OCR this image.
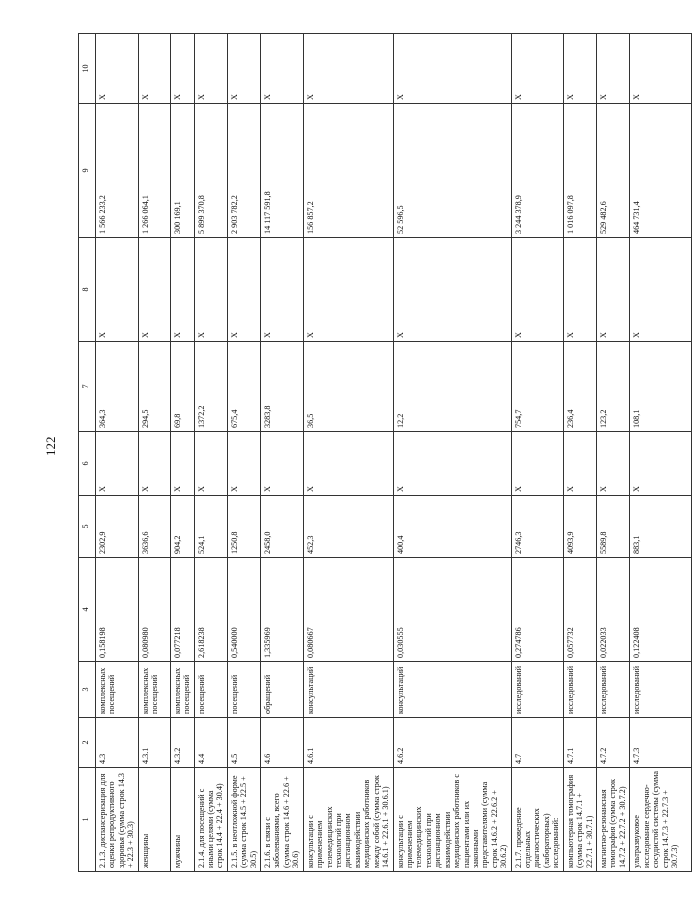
122
1	2	3	4	5	6	7	8	9	10
2.1.3. диспансеризация для оценки репродуктивного здоровья (сумма строк 14.3 + 22.3 + 30.3)	4.3	комплексных посещений	0,158198	2302,9	X	364,3	X	1 566 233,2	X
женщины	4.3.1	комплексных посещений	0,080980	3636,6	X	294,5	X	1 266 064,1	X
мужчины	4.3.2	комплексных посещений	0,077218	904,2	X	69,8	X	300 169,1	X
2.1.4. для посещений с иными целями (сумма строк 14.4 + 22.4 + 30.4)	4.4	посещений	2,618238	524,1	X	1372,2	X	5 899 370,8	X
2.1.5. в неотложной форме (сумма строк 14.5 + 22.5 + 30.5)	4.5	посещений	0,540000	1250,8	X	675,4	X	2 903 782,2	X
2.1.6. в связи с заболеваниями, всего (сумма строк 14.6 + 22.6 + 30.6)	4.6	обращений	1,335969	2458,0	X	3283,8	X	14 117 591,8	X
консультации с применением телемедицинских технологий при дистанционном взаимодействии медицинских работников между собой (сумма строк 14.6.1 + 22.6.1 + 30.6.1)	4.6.1	консультаций	0,080667	452,3	X	36,5	X	156 857,2	X
консультации с применением телемедицинских технологий при дистанционном взаимодействии медицинских работников с пациентами или их законными представителями (сумма строк 14.6.2 + 22.6.2 + 30.6.2)	4.6.2	консультаций	0,030555	400,4	X	12,2	X	52 596,5	X
2.1.7. проведение отдельных диагностических (лабораторных) исследований:	4.7	исследований	0,274786	2746,3	X	754,7	X	3 244 378,9	X
компьютерная томография (сумма строк 14.7.1 + 22.7.1 + 30.7.1)	4.7.1	исследований	0,057732	4093,9	X	236,4	X	1 016 097,8	X
магнитно-резонансная томография (сумма строк 14.7.2 + 22.7.2 + 30.7.2)	4.7.2	исследований	0,022033	5589,8	X	123,2	X	529 482,6	X
ультразвуковое исследование сердечно-сосудистой системы (сумма строк 14.7.3 + 22.7.3 + 30.7.3)	4.7.3	исследований	0,122408	883,1	X	108,1	X	464 731,4	X
